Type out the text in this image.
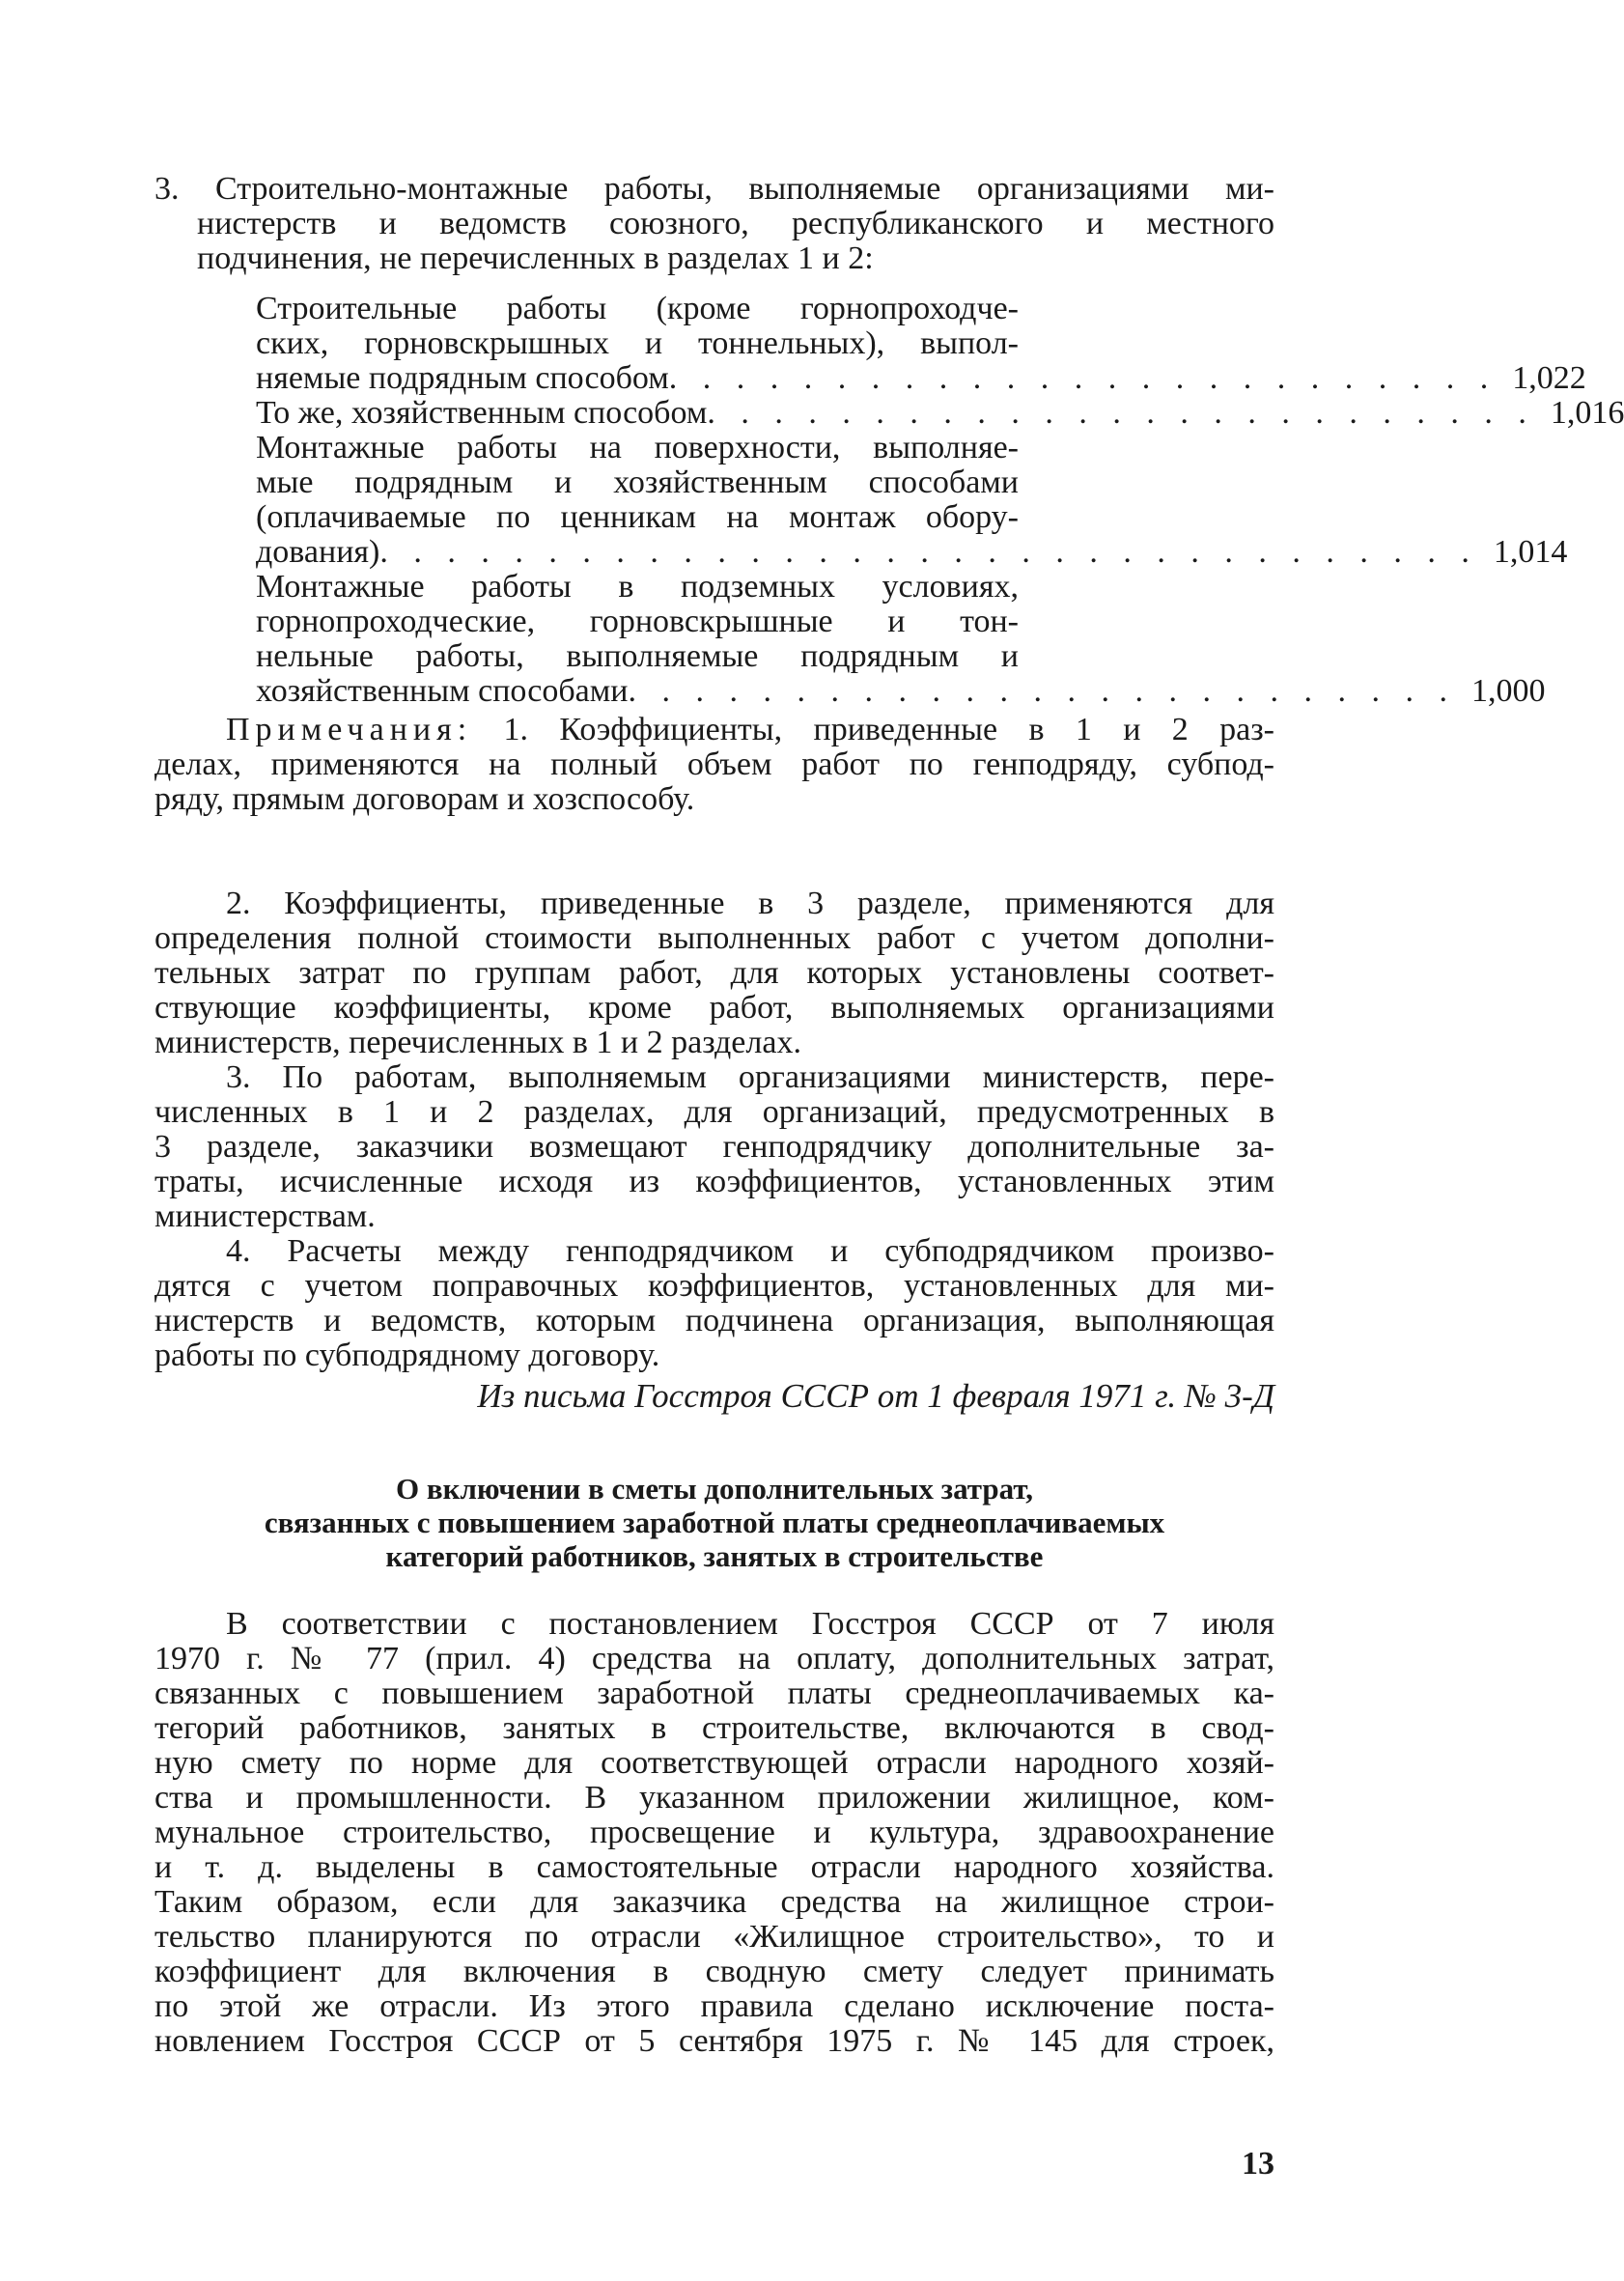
3. Строительно-монтажные работы, выполняемые организациями ми-
нистерств и ведомств союзного, республиканского и местного
подчинения, не перечисленных в разделах 1 и 2:
Строительные работы (кроме горнопроходче-
ских, горновскрышных и тоннельных), выпол-
няемые подрядным способом . . . . . . . . . . . . . . . . . . . . . . . . . 1,022
То же, хозяйственным способом . . . . . . . . . . . . . . . . . . . . . . . . . 1,016
Монтажные работы на поверхности, выполняе-
мые подрядным и хозяйственным способами
(оплачиваемые по ценникам на монтаж обору-
дования) . . . . . . . . . . . . . . . . . . . . . . . . . . . . . . . . . 1,014
Монтажные работы в подземных условиях,
горнопроходческие, горновскрышные и тон-
нельные работы, выполняемые подрядным и
хозяйственным способами . . . . . . . . . . . . . . . . . . . . . . . . . 1,000
Примечания: 1. Коэффициенты, приведенные в 1 и 2 раз-
делах, применяются на полный объем работ по генподряду, субпод-
ряду, прямым договорам и хозспособу.
2. Коэффициенты, приведенные в 3 разделе, применяются для
определения полной стоимости выполненных работ с учетом дополни-
тельных затрат по группам работ, для которых установлены соответ-
ствующие коэффициенты, кроме работ, выполняемых организациями
министерств, перечисленных в 1 и 2 разделах.
3. По работам, выполняемым организациями министерств, пере-
численных в 1 и 2 разделах, для организаций, предусмотренных в
3 разделе, заказчики возмещают генподрядчику дополнительные за-
траты, исчисленные исходя из коэффициентов, установленных этим
министерствам.
4. Расчеты между генподрядчиком и субподрядчиком произво-
дятся с учетом поправочных коэффициентов, установленных для ми-
нистерств и ведомств, которым подчинена организация, выполняющая
работы по субподрядному договору.
Из письма Госстроя СССР от 1 февраля 1971 г. № 3-Д
О включении в сметы дополнительных затрат,
связанных с повышением заработной платы среднеоплачиваемых
категорий работников, занятых в строительстве
В соответствии с постановлением Госстроя СССР от 7 июля
1970 г. № 77 (прил. 4) средства на оплату, дополнительных затрат,
связанных с повышением заработной платы среднеоплачиваемых ка-
тегорий работников, занятых в строительстве, включаются в свод-
ную смету по норме для соответствующей отрасли народного хозяй-
ства и промышленности. В указанном приложении жилищное, ком-
мунальное строительство, просвещение и культура, здравоохранение
и т. д. выделены в самостоятельные отрасли народного хозяйства.
Таким образом, если для заказчика средства на жилищное строи-
тельство планируются по отрасли «Жилищное строительство», то и
коэффициент для включения в сводную смету следует принимать
по этой же отрасли. Из этого правила сделано исключение поста-
новлением Госстроя СССР от 5 сентября 1975 г. № 145 для строек,
13
